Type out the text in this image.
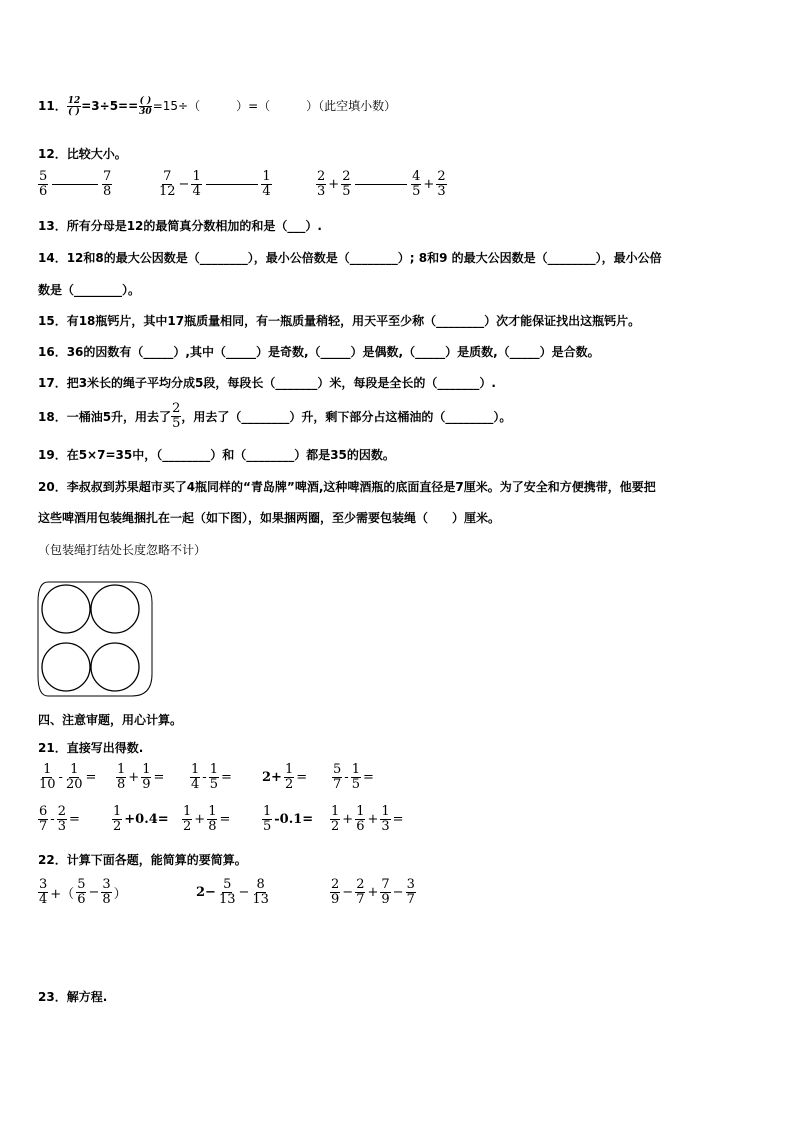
11． $\frac{12}{( )} =3\div 5== \frac{( )}{30} =15\div$（　　　）=（　　　）（此空填小数）
12．比较大小。
$\frac{5}{6}$
	$\frac{7}{8}$	$\frac{7}{12} - \frac{1}{4}$
	$\frac{1}{4}$	$\frac{2}{3} + \frac{2}{5}$
	$\frac{4}{5} + \frac{2}{3}$
13．所有分母是12的最简真分数相加的和是（___）.
14．12和8的最大公因数是（________），最小公倍数是（________）; 8和9 的最大公因数是（________），最小公倍
数是（________）。
15．有18瓶钙片，其中17瓶质量相同，有一瓶质量稍轻，用天平至少称（________）次才能保证找出这瓶钙片。
16．36的因数有（_____）,其中（_____）是奇数,（_____）是偶数,（_____）是质数,（_____）是合数。
17．把3米长的绳子平均分成5段，每段长（_______）米，每段是全长的（_______）.
18．一桶油5升，用去了 $\frac{2}{5}$ ，用去了（________）升，剩下部分占这桶油的（________）。
19．在5×7=35中，（________）和（________）都是35的因数。
20．李叔叔到苏果超市买了4瓶同样的“青岛牌”啤酒,这种啤酒瓶的底面直径是7厘米。为了安全和方便携带，他要把
这些啤酒用包装绳捆扎在一起（如下图），如果捆两圈，至少需要包装绳（　　）厘米。
（包装绳打结处长度忽略不计）
四、注意审题，用心计算。
21．直接写出得数.
$\frac{1}{10} - \frac{1}{20} = \frac{1}{8} + \frac{1}{9} = \frac{1}{4} - \frac{1}{5} = 2+ \frac{1}{2} = \frac{5}{7} - \frac{1}{5}$ =
$\frac{6}{7} - \frac{2}{3} = \frac{1}{2} +0.4= \frac{1}{2} + \frac{1}{8} = \frac{1}{5} -0.1= \frac{1}{2} + \frac{1}{6} + \frac{1}{3}$ =
22．计算下面各题，能简算的要简算。
$\frac{3}{4}$ +（ $\frac{5}{6} - \frac{3}{8}$ ）	$2- \frac{5}{13} - \frac{8}{13}$	$\frac{2}{9} - \frac{2}{7} + \frac{7}{9} - \frac{3}{7}$
23．解方程.
